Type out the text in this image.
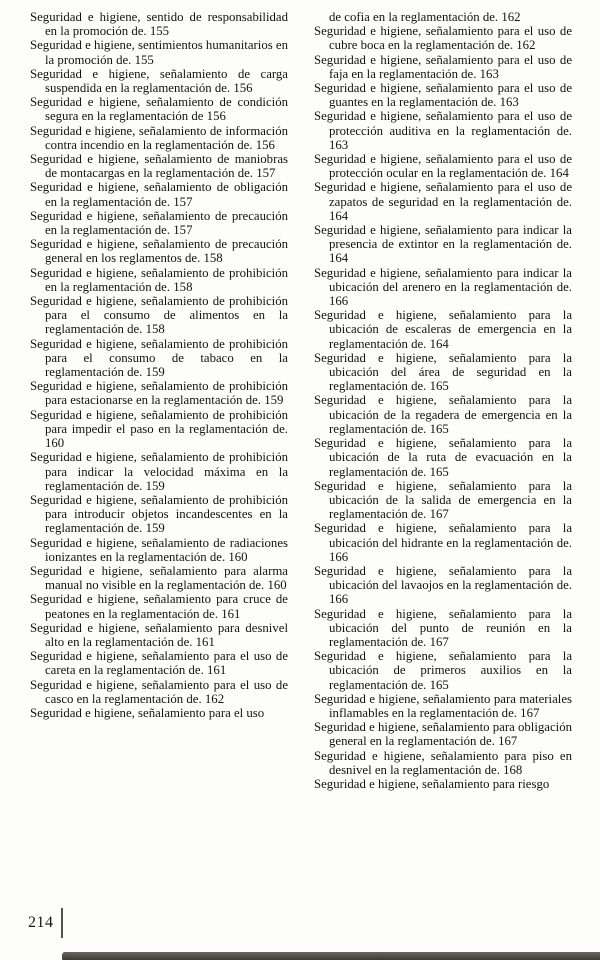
Seguridad e higiene, sentido de responsabilidad en la promoción de. 155

Seguridad e higiene, sentimientos humanitarios en la promoción de. 155

Seguridad e higiene, señalamiento de carga suspendida en la reglamentación de. 156

Seguridad e higiene, señalamiento de condición segura en la reglamentación de 156

Seguridad e higiene, señalamiento de información contra incendio en la reglamentación de. 156

Seguridad e higiene, señalamiento de maniobras de montacargas en la reglamentación de. 157

Seguridad e higiene, señalamiento de obligación en la reglamentación de. 157

Seguridad e higiene, señalamiento de precaución en la reglamentación de. 157

Seguridad e higiene, señalamiento de precaución general en los reglamentos de. 158

Seguridad e higiene, señalamiento de prohibición en la reglamentación de. 158

Seguridad e higiene, señalamiento de prohibición para el consumo de alimentos en la reglamentación de. 158

Seguridad e higiene, señalamiento de prohibición para el consumo de tabaco en la reglamentación de. 159

Seguridad e higiene, señalamiento de prohibición para estacionarse en la reglamentación de. 159

Seguridad e higiene, señalamiento de prohibición para impedir el paso en la reglamentación de. 160

Seguridad e higiene, señalamiento de prohibición para indicar la velocidad máxima en la reglamentación de. 159

Seguridad e higiene, señalamiento de prohibición para introducir objetos incandescentes en la reglamentación de. 159

Seguridad e higiene, señalamiento de radiaciones ionizantes en la reglamentación de. 160

Seguridad e higiene, señalamiento para alarma manual no visible en la reglamentación de. 160

Seguridad e higiene, señalamiento para cruce de peatones en la reglamentación de. 161

Seguridad e higiene, señalamiento para desnivel alto en la reglamentación de. 161

Seguridad e higiene, señalamiento para el uso de careta en la reglamentación de. 161

Seguridad e higiene, señalamiento para el uso de casco en la reglamentación de. 162

Seguridad e higiene, señalamiento para el uso

de cofia en la reglamentación de. 162

Seguridad e higiene, señalamiento para el uso de cubre boca en la reglamentación de. 162

Seguridad e higiene, señalamiento para el uso de faja en la reglamentación de. 163

Seguridad e higiene, señalamiento para el uso de guantes en la reglamentación de. 163

Seguridad e higiene, señalamiento para el uso de protección auditiva en la reglamentación de. 163

Seguridad e higiene, señalamiento para el uso de protección ocular en la reglamentación de. 164

Seguridad e higiene, señalamiento para el uso de zapatos de seguridad en la reglamentación de. 164

Seguridad e higiene, señalamiento para indicar la presencia de extintor en la reglamentación de. 164

Seguridad e higiene, señalamiento para indicar la ubicación del arenero en la reglamentación de. 166

Seguridad e higiene, señalamiento para la ubicación de escaleras de emergencia en la reglamentación de. 164

Seguridad e higiene, señalamiento para la ubicación del área de seguridad en la reglamentación de. 165

Seguridad e higiene, señalamiento para la ubicación de la regadera de emergencia en la reglamentación de. 165

Seguridad e higiene, señalamiento para la ubicación de la ruta de evacuación en la reglamentación de. 165

Seguridad e higiene, señalamiento para la ubicación de la salida de emergencia en la reglamentación de. 167

Seguridad e higiene, señalamiento para la ubicación del hidrante en la reglamentación de. 166

Seguridad e higiene, señalamiento para la ubicación del lavaojos en la reglamentación de. 166

Seguridad e higiene, señalamiento para la ubicación del punto de reunión en la reglamentación de. 167

Seguridad e higiene, señalamiento para la ubicación de primeros auxilios en la reglamentación de. 165

Seguridad e higiene, señalamiento para materiales inflamables en la reglamentación de. 167

Seguridad e higiene, señalamiento para obligación general en la reglamentación de. 167

Seguridad e higiene, señalamiento para piso en desnivel en la reglamentación de. 168

Seguridad e higiene, señalamiento para riesgo

214
